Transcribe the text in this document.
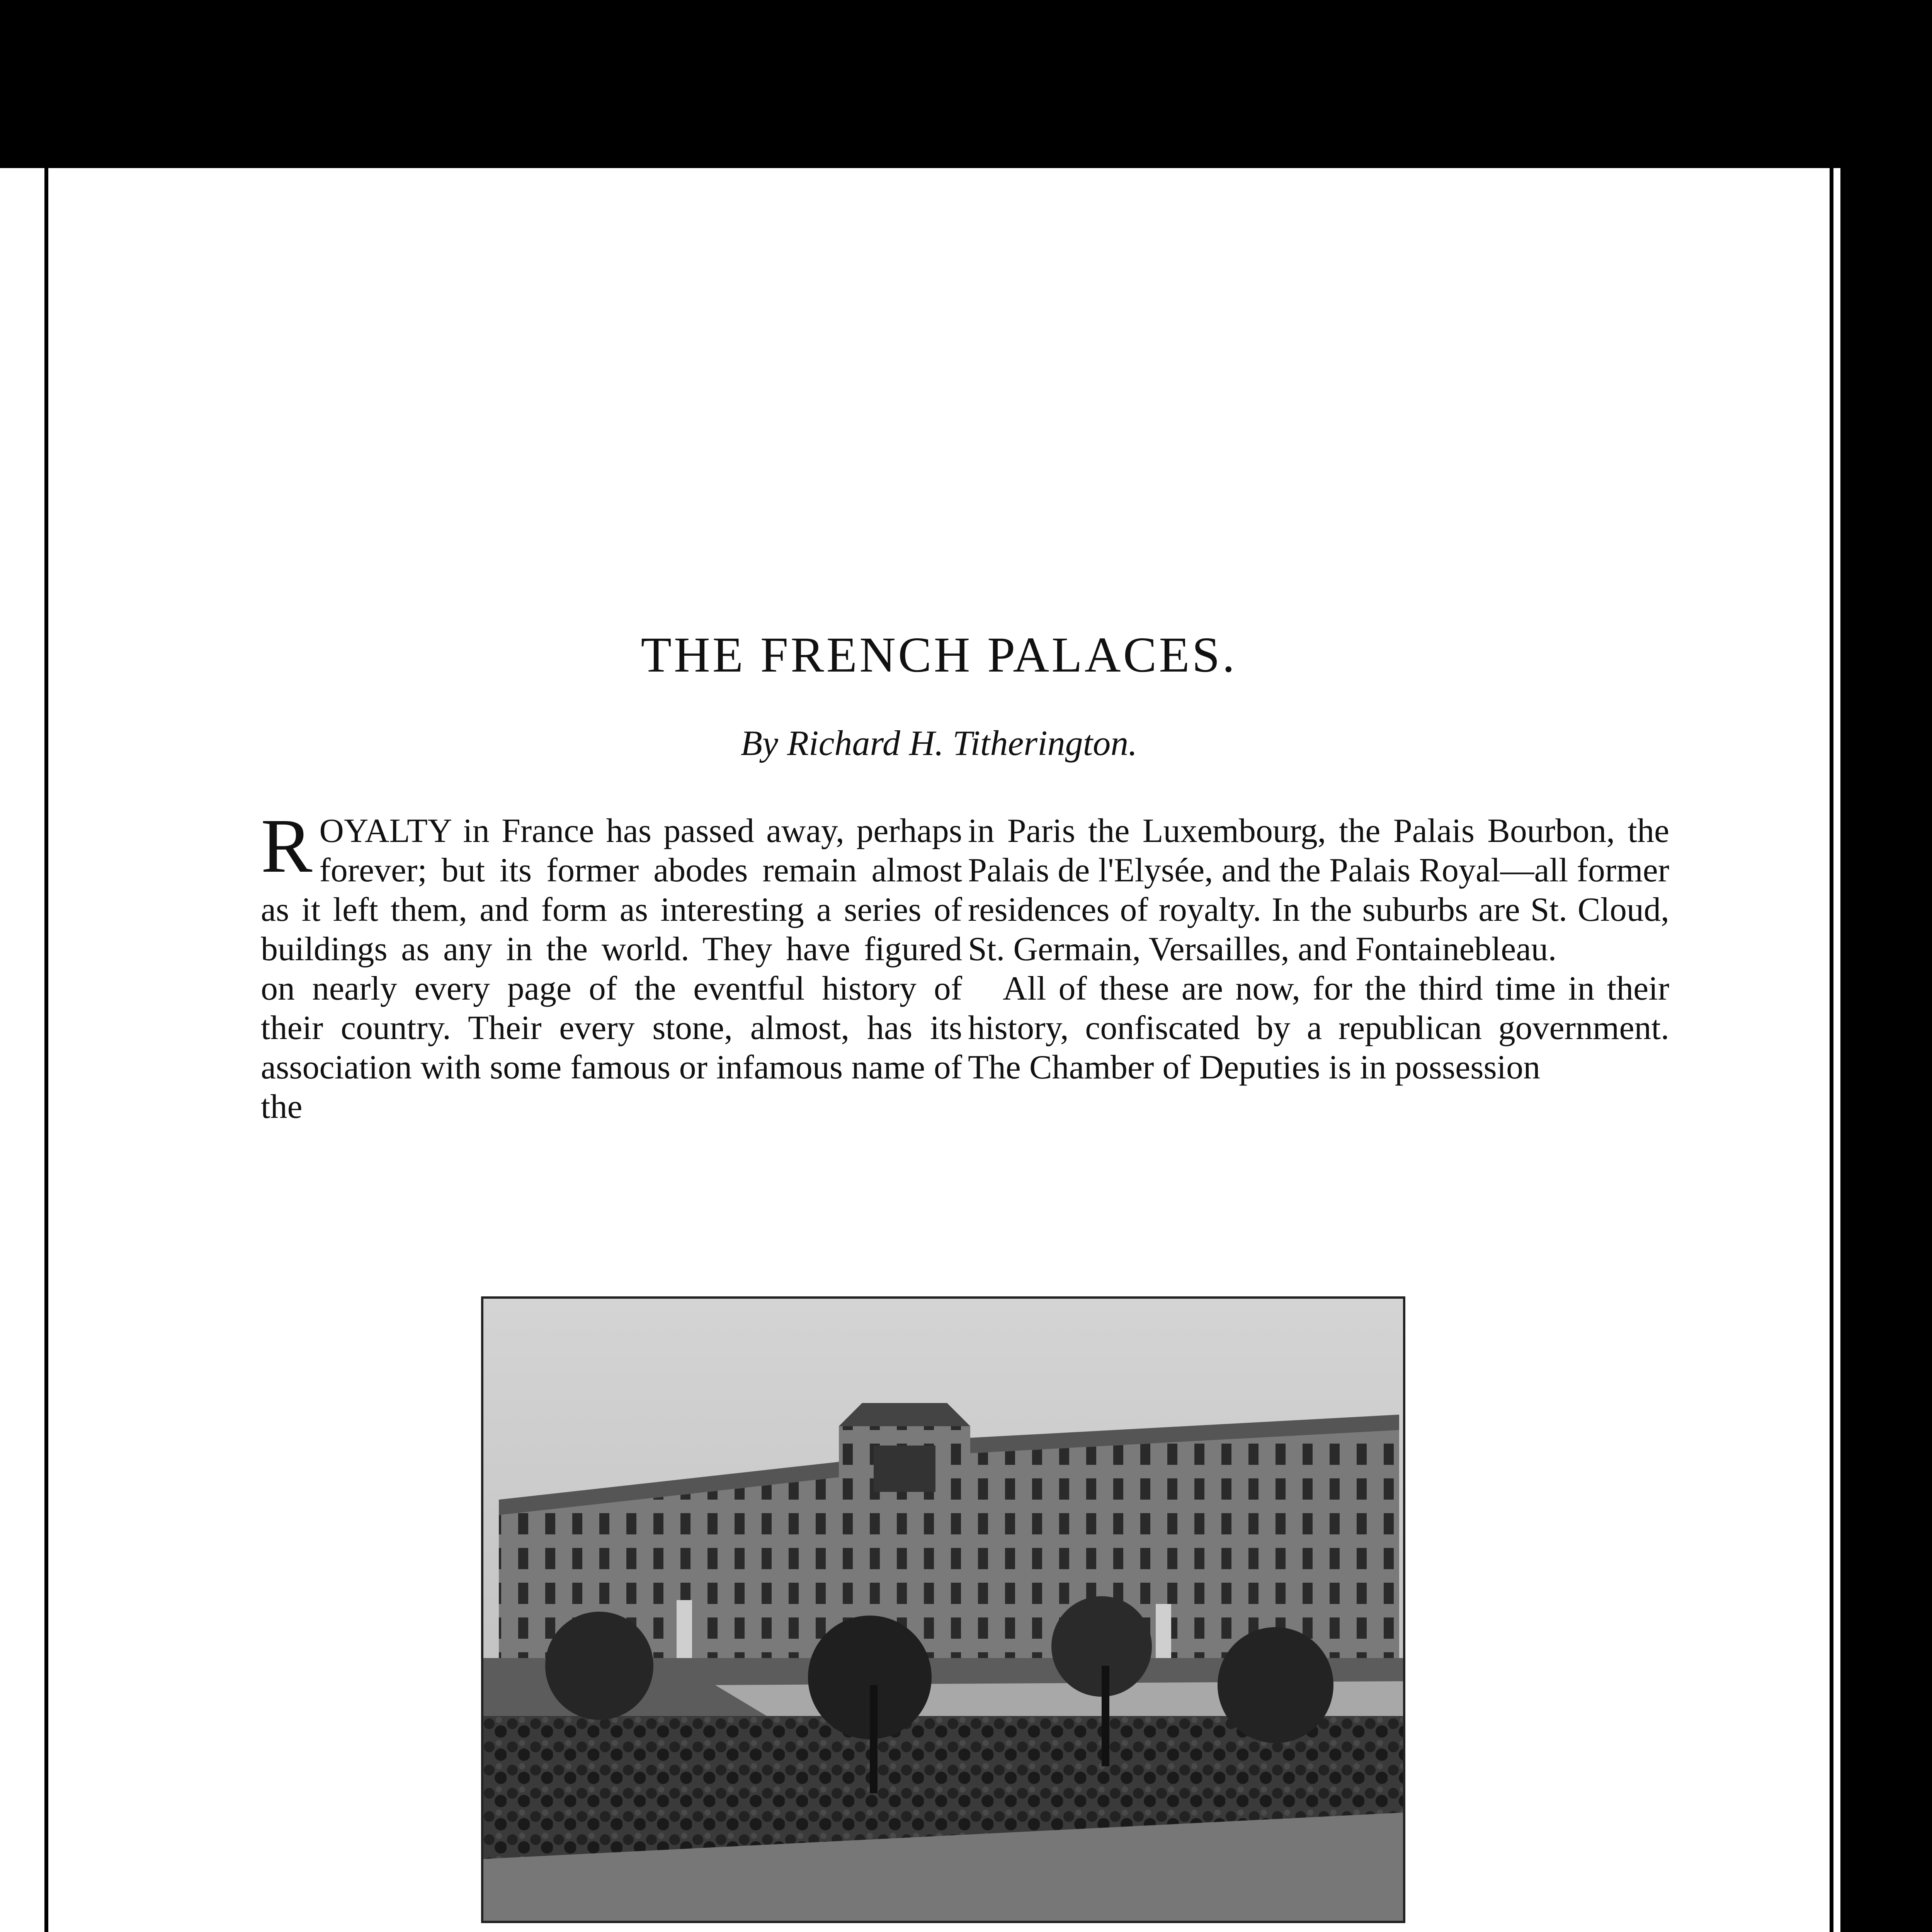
THE FRENCH PALACES.
By Richard H. Titherington.

R OYALTY in France has passed away, perhaps forever; but its former abodes remain almost as it left them, and form as interesting a series of buildings as any in the world. They have figured on nearly every page of the eventful history of their country. Their every stone, almost, has its association with some famous or infamous name of the

in Paris the Luxembourg, the Palais Bourbon, the Palais de l'Elysée, and the Palais Royal—all former residences of royalty. In the suburbs are St. Cloud, St. Germain, Versailles, and Fontainebleau.

All of these are now, for the third time in their history, confiscated by a republican government. The Chamber of Deputies is in possession
